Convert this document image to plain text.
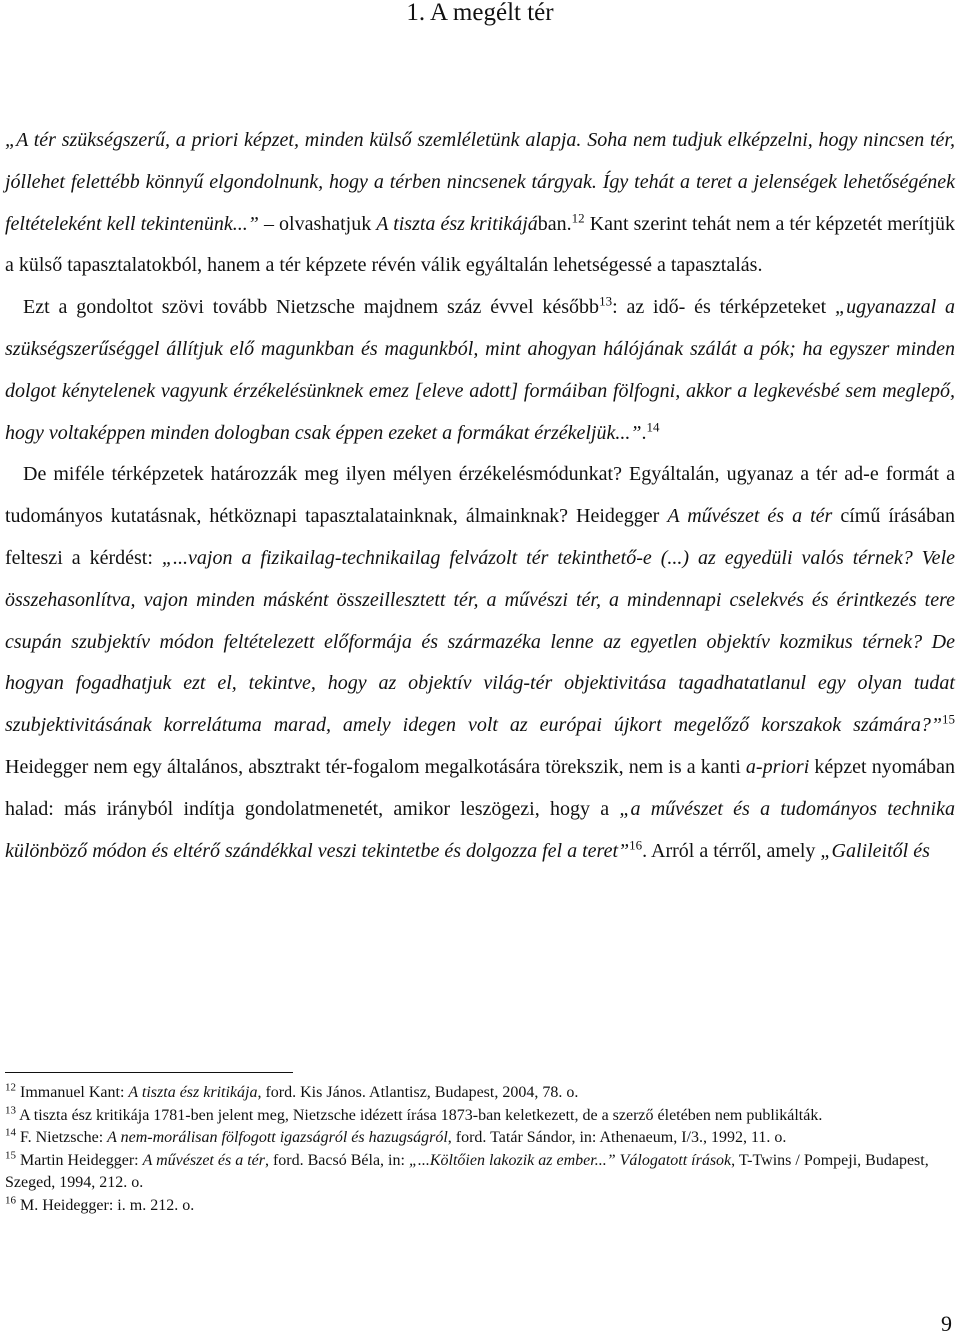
1. A megélt tér

„A tér szükségszerű, a priori képzet, minden külső szemléletünk alapja. Soha nem tudjuk elképzelni, hogy nincsen tér, jóllehet felettébb könnyű elgondolnunk, hogy a térben nincsenek tárgyak. Így tehát a teret a jelenségek lehetőségének feltételeként kell tekintenünk...” – olvashatjuk A tiszta ész kritikájában.$^{12}$ Kant szerint tehát nem a tér képzetét merítjük a külső tapasztalatokból, hanem a tér képzete révén válik egyáltalán lehetségessé a tapasztalás.

Ezt a gondoltot szövi tovább Nietzsche majdnem száz évvel később$^{13}$: az idő- és térképzeteket „ugyanazzal a szükségszerűséggel állítjuk elő magunkban és magunkból, mint ahogyan hálójának szálát a pók; ha egyszer minden dolgot kénytelenek vagyunk érzékelésünknek emez [eleve adott] formáiban fölfogni, akkor a legkevésbé sem meglepő, hogy voltaképpen minden dologban csak éppen ezeket a formákat érzékeljük...”.$^{14}$

De miféle térképzetek határozzák meg ilyen mélyen érzékelésmódunkat? Egyáltalán, ugyanaz a tér ad-e formát a tudományos kutatásnak, hétköznapi tapasztalatainknak, álmainknak? Heidegger A művészet és a tér című írásában felteszi a kérdést: „...vajon a fizikailag-technikailag felvázolt tér tekinthető-e (...) az egyedüli valós térnek? Vele összehasonlítva, vajon minden másként összeillesztett tér, a művészi tér, a mindennapi cselekvés és érintkezés tere csupán szubjektív módon feltételezett előformája és származéka lenne az egyetlen objektív kozmikus térnek? De hogyan fogadhatjuk ezt el, tekintve, hogy az objektív világ-tér objektivitása tagadhatatlanul egy olyan tudat szubjektivitásának korrelátuma marad, amely idegen volt az európai újkort megelőző korszakok számára?”$^{15}$ Heidegger nem egy általános, absztrakt tér-fogalom megalkotására törekszik, nem is a kanti a-priori képzet nyomában halad: más irányból indítja gondolatmenetét, amikor leszögezi, hogy a „a művészet és a tudományos technika különböző módon és eltérő szándékkal veszi tekintetbe és dolgozza fel a teret”$^{16}$. Arról a térről, amely „Galileitől és

$^{12}$ Immanuel Kant: A tiszta ész kritikája, ford. Kis János. Atlantisz, Budapest, 2004, 78. o.

$^{13}$ A tiszta ész kritikája 1781-ben jelent meg, Nietzsche idézett írása 1873-ban keletkezett, de a szerző életében nem publikálták.

$^{14}$ F. Nietzsche: A nem-morálisan fölfogott igazságról és hazugságról, ford. Tatár Sándor, in: Athenaeum, I/3., 1992, 11. o.

$^{15}$ Martin Heidegger: A művészet és a tér, ford. Bacsó Béla, in: „...Költőien lakozik az ember...” Válogatott írások, T-Twins / Pompeji, Budapest, Szeged, 1994, 212. o.

$^{16}$ M. Heidegger: i. m. 212. o.

9
